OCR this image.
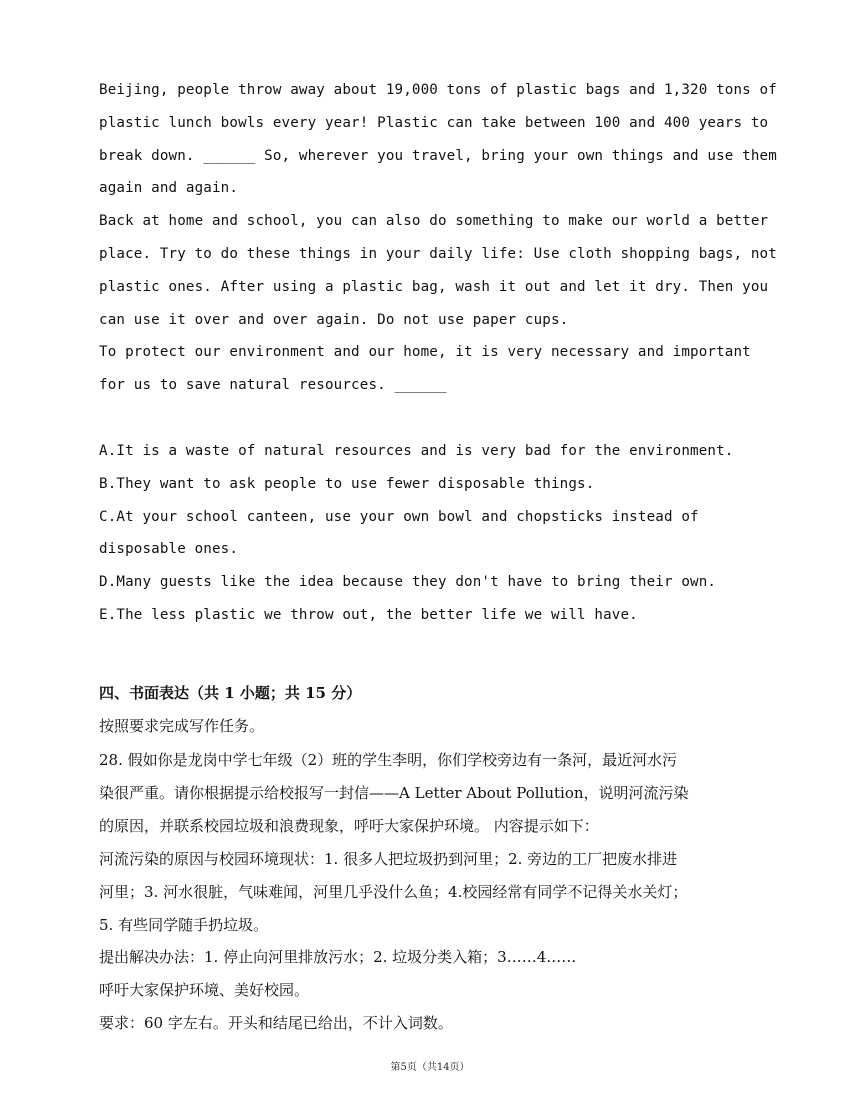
Beijing, people throw away about 19,000 tons of plastic bags and 1,320 tons of
plastic lunch bowls every year! Plastic can take between 100 and 400 years to
break down. ______ So, wherever you travel, bring your own things and use them
again and again.
Back at home and school, you can also do something to make our world a better
place. Try to do these things in your daily life: Use cloth shopping bags, not
plastic ones. After using a plastic bag, wash it out and let it dry. Then you
can use it over and over again. Do not use paper cups.
To protect our environment and our home, it is very necessary and important
for us to save natural resources. ______
A.It is a waste of natural resources and is very bad for the environment.
B.They want to ask people to use fewer disposable things.
C.At your school canteen, use your own bowl and chopsticks instead of
disposable ones.
D.Many guests like the idea because they don't have to bring their own.
E.The less plastic we throw out, the better life we will have.
四、书面表达（共 1 小题；共 15 分）
按照要求完成写作任务。
28. 假如你是龙岗中学七年级（2）班的学生李明，你们学校旁边有一条河，最近河水污
染很严重。请你根据提示给校报写一封信——A Letter About Pollution，说明河流污染
的原因，并联系校园垃圾和浪费现象，呼吁大家保护环境。 内容提示如下：
河流污染的原因与校园环境现状：1. 很多人把垃圾扔到河里；2. 旁边的工厂把废水排进
河里；3. 河水很脏，气味难闻，河里几乎没什么鱼；4.校园经常有同学不记得关水关灯；
5. 有些同学随手扔垃圾。
提出解决办法：1. 停止向河里排放污水；2. 垃圾分类入箱；3……4……
呼吁大家保护环境、美好校园。
要求：60 字左右。开头和结尾已给出，不计入词数。
第5页（共14页）
